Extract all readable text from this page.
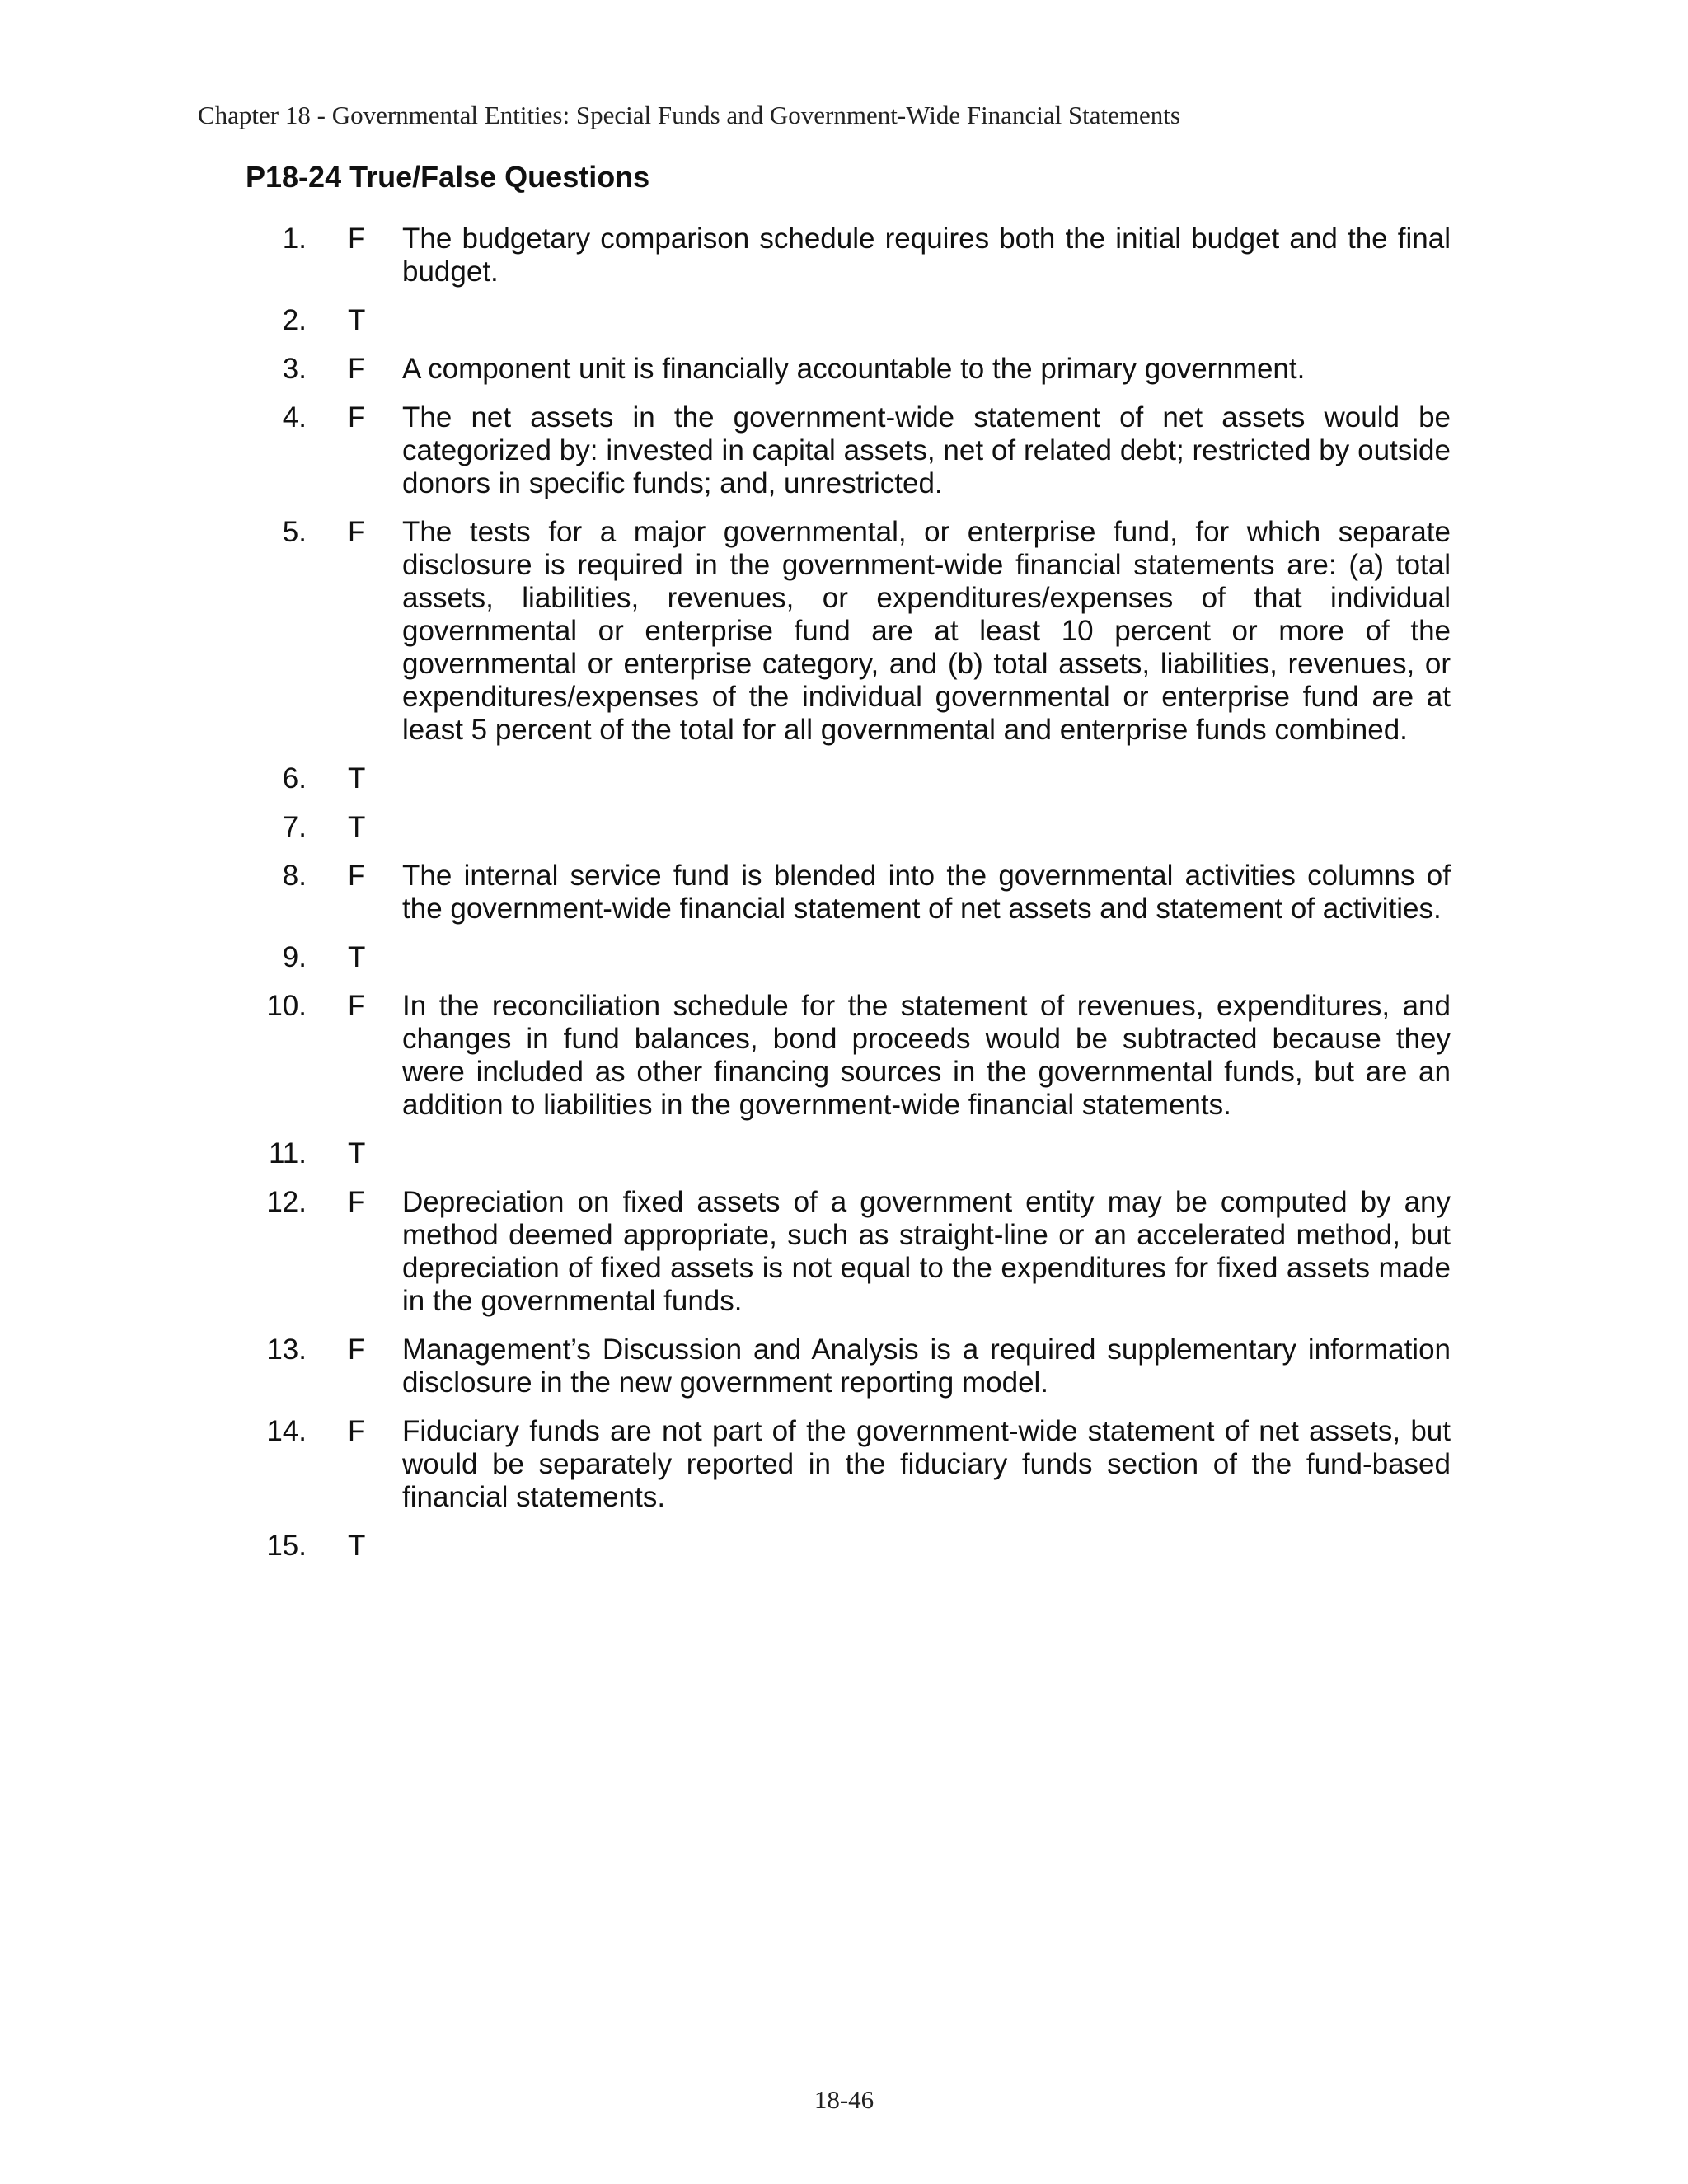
Chapter 18 - Governmental Entities: Special Funds and Government-Wide Financial Statements
P18-24 True/False Questions
1.	F	The budgetary comparison schedule requires both the initial budget and the final budget.
2.	T
3.	F	A component unit is financially accountable to the primary government.
4.	F	The net assets in the government-wide statement of net assets would be categorized by: invested in capital assets, net of related debt; restricted by outside donors in specific funds; and, unrestricted.
5.	F	The tests for a major governmental, or enterprise fund, for which separate disclosure is required in the government-wide financial statements are: (a) total assets, liabilities, revenues, or expenditures/expenses of that individual governmental or enterprise fund are at least 10 percent or more of the governmental or enterprise category, and (b) total assets, liabilities, revenues, or expenditures/expenses of the individual governmental or enterprise fund are at least 5 percent of the total for all governmental and enterprise funds combined.
6.	T
7.	T
8.	F	The internal service fund is blended into the governmental activities columns of the government-wide financial statement of net assets and statement of activities.
9.	T
10.	F	In the reconciliation schedule for the statement of revenues, expenditures, and changes in fund balances, bond proceeds would be subtracted because they were included as other financing sources in the governmental funds, but are an addition to liabilities in the government-wide financial statements.
11.	T
12.	F	Depreciation on fixed assets of a government entity may be computed by any method deemed appropriate, such as straight-line or an accelerated method, but depreciation of fixed assets is not equal to the expenditures for fixed assets made in the governmental funds.
13.	F	Management’s Discussion and Analysis is a required supplementary information disclosure in the new government reporting model.
14.	F	Fiduciary funds are not part of the government-wide statement of net assets, but would be separately reported in the fiduciary funds section of the fund-based financial statements.
15.	T
18-46
